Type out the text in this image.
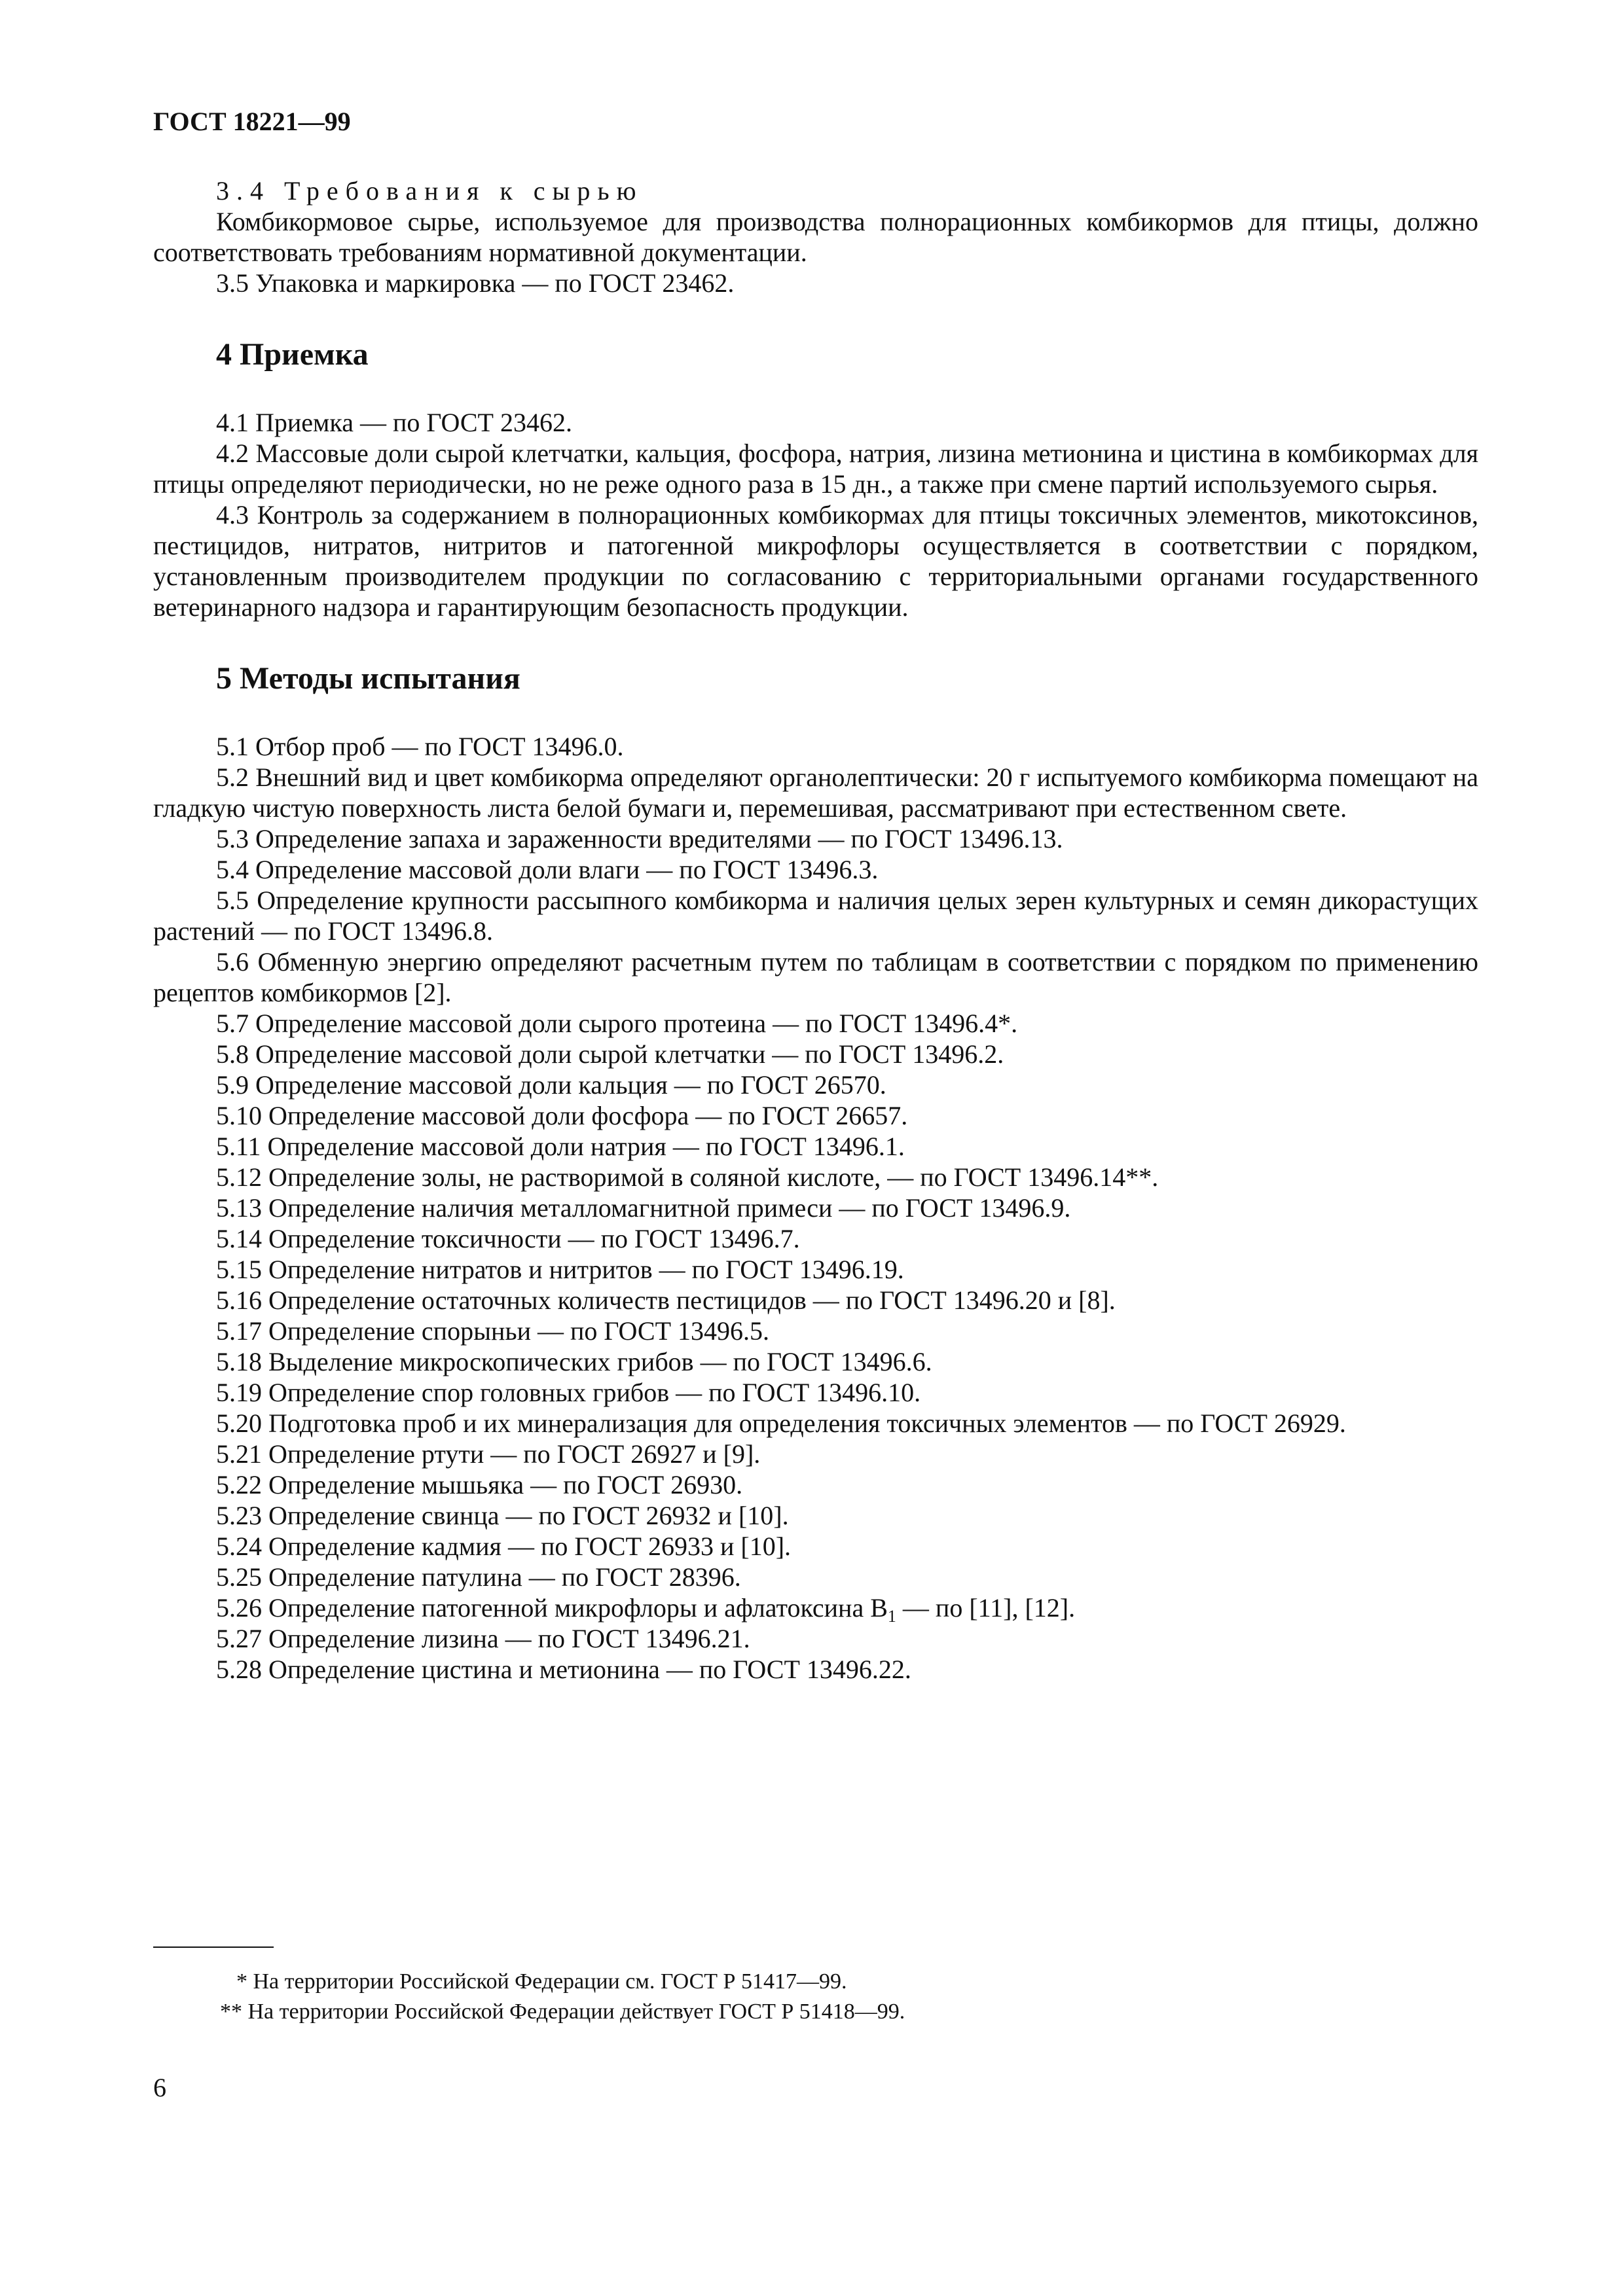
ГОСТ 18221—99

3.4 Требования к сырью

Комбикормовое сырье, используемое для производства полнорационных комбикормов для птицы, должно соответствовать требованиям нормативной документации.

3.5 Упаковка и маркировка — по ГОСТ 23462.

4 Приемка

4.1 Приемка — по ГОСТ 23462.

4.2 Массовые доли сырой клетчатки, кальция, фосфора, натрия, лизина метионина и цистина в комбикормах для птицы определяют периодически, но не реже одного раза в 15 дн., а также при смене партий используемого сырья.

4.3 Контроль за содержанием в полнорационных комбикормах для птицы токсичных элементов, микотоксинов, пестицидов, нитратов, нитритов и патогенной микрофлоры осуществляется в соответствии с порядком, установленным производителем продукции по согласованию с территориальными органами государственного ветеринарного надзора и гарантирующим безопасность продукции.

5 Методы испытания

5.1 Отбор проб — по ГОСТ 13496.0.

5.2 Внешний вид и цвет комбикорма определяют органолептически: 20 г испытуемого комбикорма помещают на гладкую чистую поверхность листа белой бумаги и, перемешивая, рассматривают при естественном свете.

5.3 Определение запаха и зараженности вредителями — по ГОСТ 13496.13.

5.4 Определение массовой доли влаги — по ГОСТ 13496.3.

5.5 Определение крупности рассыпного комбикорма и наличия целых зерен культурных и семян дикорастущих растений — по ГОСТ 13496.8.

5.6 Обменную энергию определяют расчетным путем по таблицам в соответствии с порядком по применению рецептов комбикормов [2].

5.7 Определение массовой доли сырого протеина — по ГОСТ 13496.4*.

5.8 Определение массовой доли сырой клетчатки — по ГОСТ 13496.2.

5.9 Определение массовой доли кальция — по ГОСТ 26570.

5.10 Определение массовой доли фосфора — по ГОСТ 26657.

5.11 Определение массовой доли натрия — по ГОСТ 13496.1.

5.12 Определение золы, не растворимой в соляной кислоте, — по ГОСТ 13496.14**.

5.13 Определение наличия металломагнитной примеси — по ГОСТ 13496.9.

5.14 Определение токсичности — по ГОСТ 13496.7.

5.15 Определение нитратов и нитритов — по ГОСТ 13496.19.

5.16 Определение остаточных количеств пестицидов — по ГОСТ 13496.20 и [8].

5.17 Определение спорыньи — по ГОСТ 13496.5.

5.18 Выделение микроскопических грибов — по ГОСТ 13496.6.

5.19 Определение спор головных грибов — по ГОСТ 13496.10.

5.20 Подготовка проб и их минерализация для определения токсичных элементов — по ГОСТ 26929.

5.21 Определение ртути — по ГОСТ 26927 и [9].

5.22 Определение мышьяка — по ГОСТ 26930.

5.23 Определение свинца — по ГОСТ 26932 и [10].

5.24 Определение кадмия — по ГОСТ 26933 и [10].

5.25 Определение патулина — по ГОСТ 28396.

5.26 Определение патогенной микрофлоры и афлатоксина $В_1$ — по [11], [12].

5.27 Определение лизина — по ГОСТ 13496.21.

5.28 Определение цистина и метионина — по ГОСТ 13496.22.

* На территории Российской Федерации см. ГОСТ Р 51417—99.

** На территории Российской Федерации действует ГОСТ Р 51418—99.

6
